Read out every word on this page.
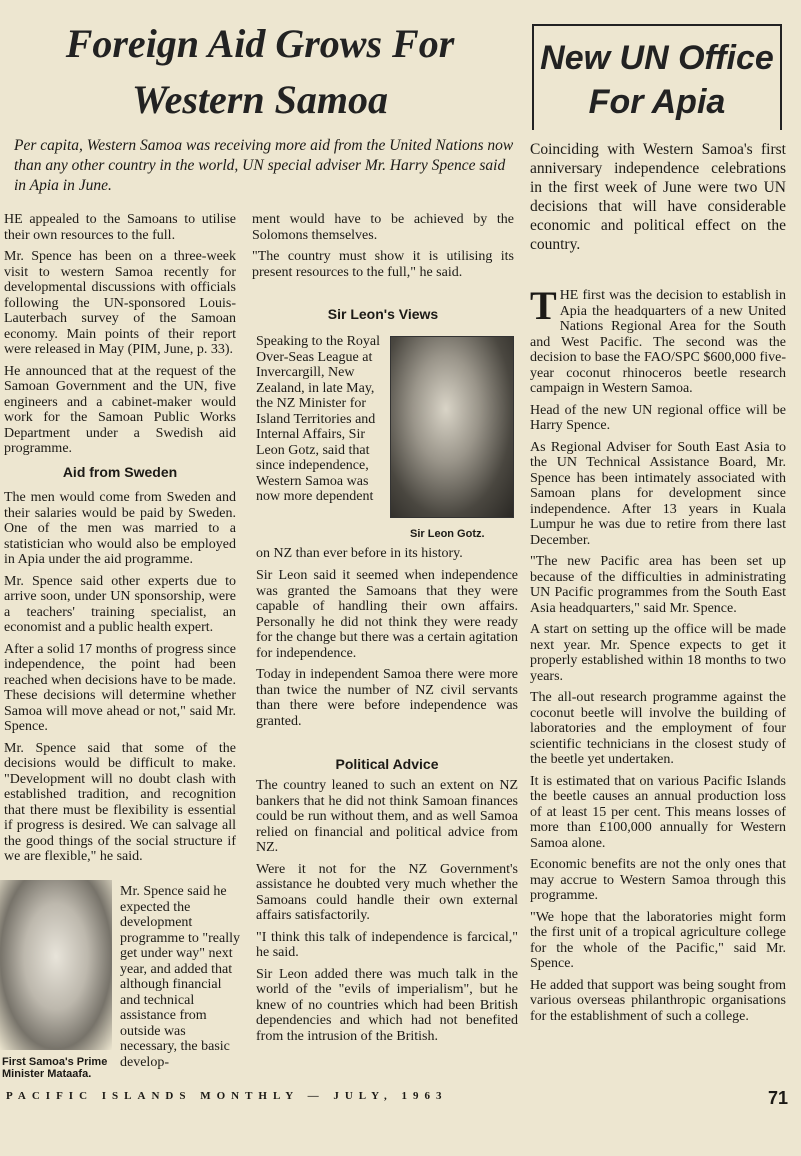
Foreign Aid Grows For
Western Samoa
New UN Office
For Apia
Per capita, Western Samoa was receiving more aid from the United Nations now than any other country in the world, UN special adviser Mr. Harry Spence said in Apia in June.

HE appealed to the Samoans to utilise their own resources to the full.

Mr. Spence has been on a three-week visit to western Samoa recently for developmental discussions with officials following the UN-sponsored Louis-Lauterbach survey of the Samoan economy. Main points of their report were released in May (PIM, June, p. 33).

He announced that at the request of the Samoan Government and the UN, five engineers and a cabinet-maker would work for the Samoan Public Works Department under a Swedish aid programme.

Aid from Sweden

The men would come from Sweden and their salaries would be paid by Sweden. One of the men was married to a statistician who would also be employed in Apia under the aid programme.

Mr. Spence said other experts due to arrive soon, under UN sponsorship, were a teachers' training specialist, an economist and a public health expert.

After a solid 17 months of progress since independence, the point had been reached when decisions have to be made. These decisions will determine whether Samoa will move ahead or not," said Mr. Spence.

Mr. Spence said that some of the decisions would be difficult to make. "Development will no doubt clash with established tradition, and recognition that there must be flexibility is essential if progress is desired. We can salvage all the good things of the social structure if we are flexible," he said.

First Samoa's Prime
Minister Mataafa.
Mr. Spence said he expected the development programme to "really get under way" next year, and added that although financial and technical assistance from outside was necessary, the basic develop-

ment would have to be achieved by the Solomons themselves.

"The country must show it is utilising its present resources to the full," he said.

Sir Leon's Views
Sir Leon Gotz.
Speaking to the Royal Over-Seas League at Invercargill, New Zealand, in late May, the NZ Minister for Island Territories and Internal Affairs, Sir Leon Gotz, said that since independence, Western Samoa was now more dependent
on NZ than ever before in its history.

Sir Leon said it seemed when independence was granted the Samoans that they were capable of handling their own affairs. Personally he did not think they were ready for the change but there was a certain agitation for independence.

Today in independent Samoa there were more than twice the number of NZ civil servants than there were before independence was granted.

Political Advice

The country leaned to such an extent on NZ bankers that he did not think Samoan finances could be run without them, and as well Samoa relied on financial and political advice from NZ.

Were it not for the NZ Government's assistance he doubted very much whether the Samoans could handle their own external affairs satisfactorily.

"I think this talk of independence is farcical," he said.

Sir Leon added there was much talk in the world of the "evils of imperialism", but he knew of no countries which had been British dependencies and which had not benefited from the intrusion of the British.

Coinciding with Western Samoa's first anniversary independence celebrations in the first week of June were two UN decisions that will have considerable economic and political effect on the country.

THE first was the decision to establish in Apia the headquarters of a new United Nations Regional Area for the South and West Pacific. The second was the decision to base the FAO/SPC $600,000 five-year coconut rhinoceros beetle research campaign in Western Samoa.

Head of the new UN regional office will be Harry Spence.

As Regional Adviser for South East Asia to the UN Technical Assistance Board, Mr. Spence has been intimately associated with Samoan plans for development since independence. After 13 years in Kuala Lumpur he was due to retire from there last December.

"The new Pacific area has been set up because of the difficulties in administrating UN Pacific programmes from the South East Asia headquarters," said Mr. Spence.

A start on setting up the office will be made next year. Mr. Spence expects to get it properly established within 18 months to two years.

The all-out research programme against the coconut beetle will involve the building of laboratories and the employment of four scientific technicians in the closest study of the beetle yet undertaken.

It is estimated that on various Pacific Islands the beetle causes an annual production loss of at least 15 per cent. This means losses of more than £100,000 annually for Western Samoa alone.

Economic benefits are not the only ones that may accrue to Western Samoa through this programme.

"We hope that the laboratories might form the first unit of a tropical agriculture college for the whole of the Pacific," said Mr. Spence.

He added that support was being sought from various overseas philanthropic organisations for the establishment of such a college.

PACIFIC ISLANDS MONTHLY — JULY, 1963	71
